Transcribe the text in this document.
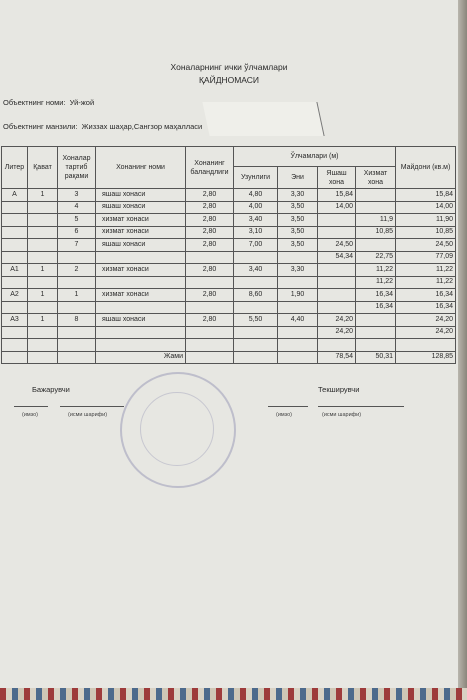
Хоналарнинг ички ўлчамлари
ҚАЙДНОМАСИ
Объектнинг номи: Уй-жой
Объектнинг манзили: Жиззах шаҳар,Сангзор маҳалласи
Литер	Қават	Хоналар тартиб рақами	Хонанинг номи	Хонанинг баландлиги	Ўлчамлари (м)				Майдони (кв.м)
					Узунлиги	Эни	Яшаш хона	Хизмат хона	
А	1	3	яшаш хонаси	2,80	4,80	3,30	15,84		15,84
		4	яшаш хонаси	2,80	4,00	3,50	14,00		14,00
		5	хизмат хонаси	2,80	3,40	3,50		11,9	11,90
		6	хизмат хонаси	2,80	3,10	3,50		10,85	10,85
		7	яшаш хонаси	2,80	7,00	3,50	24,50		24,50
							54,34	22,75	77,09
А1	1	2	хизмат хонаси	2,80	3,40	3,30		11,22	11,22
								11,22	11,22
А2	1	1	хизмат хонаси	2,80	8,60	1,90		16,34	16,34
								16,34	16,34
А3	1	8	яшаш хонаси	2,80	5,50	4,40	24,20		24,20
							24,20		24,20

			Жами				78,54	50,31	128,85
Бажарувчи	Текширувчи
(имзо)	(исми шарифи)	(имзо)	(исми шарифи)
